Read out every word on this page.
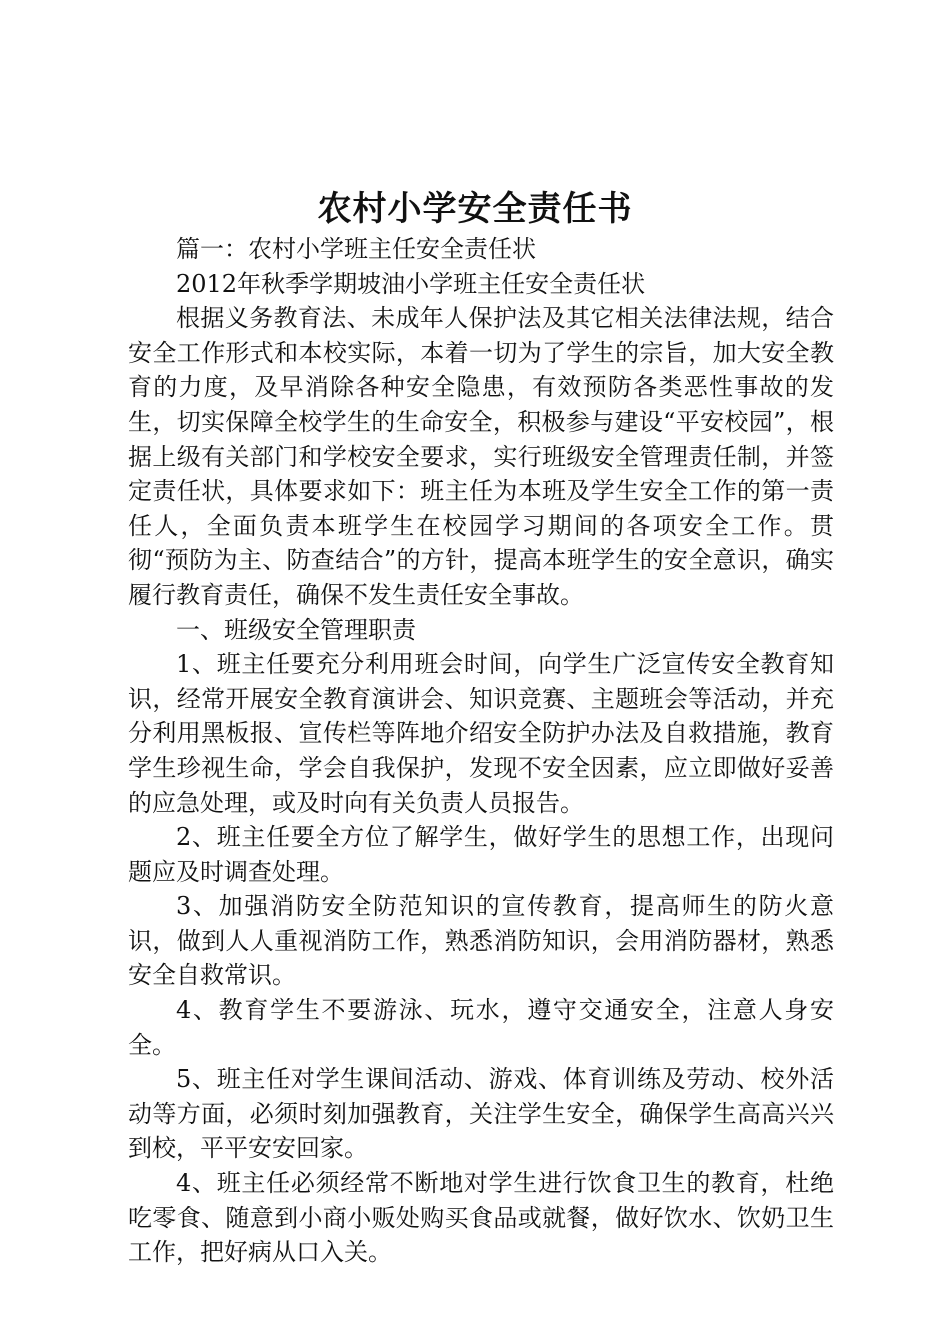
农村小学安全责任书

篇一：农村小学班主任安全责任状

2012年秋季学期坡油小学班主任安全责任状

根据义务教育法、未成年人保护法及其它相关法律法规，结合安全工作形式和本校实际，本着一切为了学生的宗旨，加大安全教育的力度，及早消除各种安全隐患，有效预防各类恶性事故的发生，切实保障全校学生的生命安全，积极参与建设“平安校园”，根据上级有关部门和学校安全要求，实行班级安全管理责任制，并签定责任状，具体要求如下：班主任为本班及学生安全工作的第一责任人，全面负责本班学生在校园学习期间的各项安全工作。贯彻“预防为主、防查结合”的方针，提高本班学生的安全意识，确实履行教育责任，确保不发生责任安全事故。

一、班级安全管理职责

1、班主任要充分利用班会时间，向学生广泛宣传安全教育知识，经常开展安全教育演讲会、知识竞赛、主题班会等活动，并充分利用黑板报、宣传栏等阵地介绍安全防护办法及自救措施，教育学生珍视生命，学会自我保护，发现不安全因素，应立即做好妥善的应急处理，或及时向有关负责人员报告。

2、班主任要全方位了解学生，做好学生的思想工作，出现问题应及时调查处理。

3、加强消防安全防范知识的宣传教育，提高师生的防火意识，做到人人重视消防工作，熟悉消防知识，会用消防器材，熟悉安全自救常识。

4、教育学生不要游泳、玩水，遵守交通安全，注意人身安全。

5、班主任对学生课间活动、游戏、体育训练及劳动、校外活动等方面，必须时刻加强教育，关注学生安全，确保学生高高兴兴到校，平平安安回家。

4、班主任必须经常不断地对学生进行饮食卫生的教育，杜绝吃零食、随意到小商小贩处购买食品或就餐，做好饮水、饮奶卫生工作，把好病从口入关。
